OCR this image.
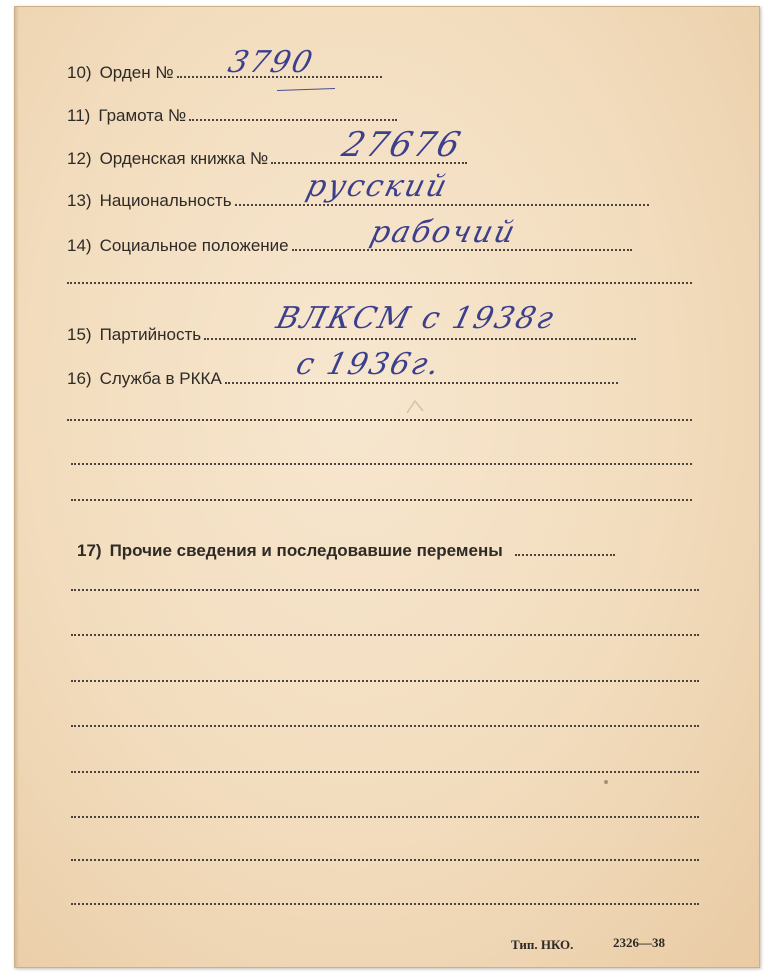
10) Орден № 3790
11) Грамота №
12) Орденская книжка № 27676
13) Национальность русский
14) Социальное положение	рабочий
15) Партийность ВЛКСМ с 1938г
16) Служба в РККА с 1936г.
17) Прочие сведения и последовавшие перемены
Тип. НКО.	2326—38
